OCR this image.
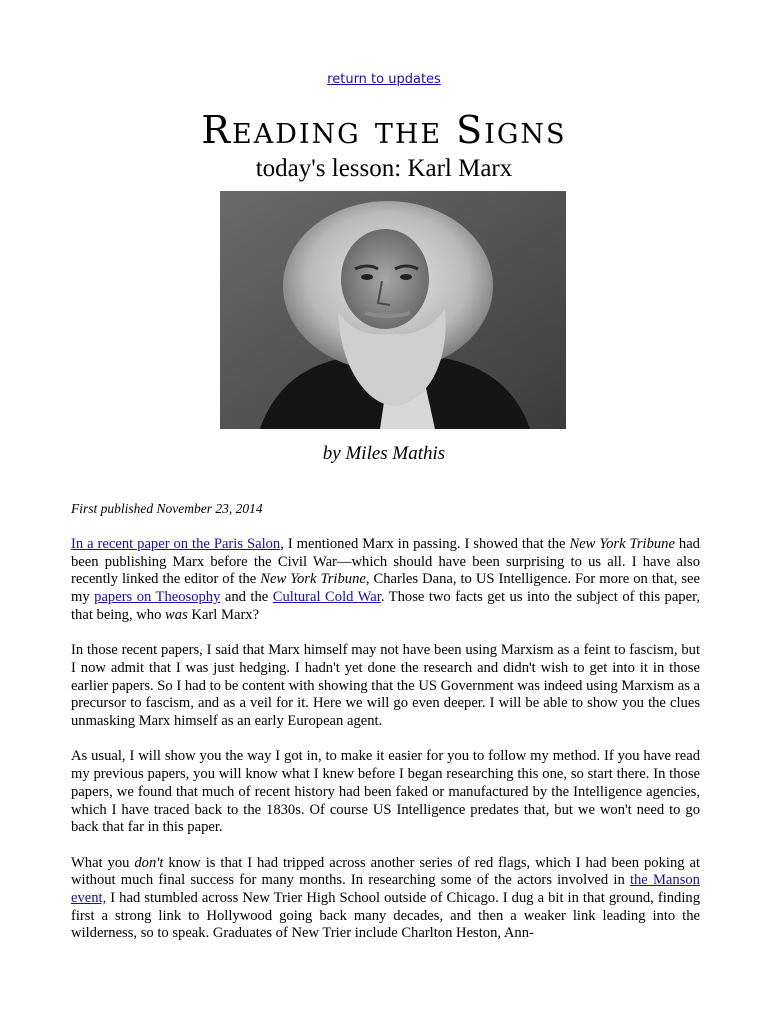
return to updates
Reading the Signs
today's lesson: Karl Marx
by Miles Mathis
First published November 23, 2014

In a recent paper on the Paris Salon, I mentioned Marx in passing. I showed that the New York Tribune had been publishing Marx before the Civil War—which should have been surprising to us all. I have also recently linked the editor of the New York Tribune, Charles Dana, to US Intelligence. For more on that, see my papers on Theosophy and the Cultural Cold War. Those two facts get us into the subject of this paper, that being, who was Karl Marx?

In those recent papers, I said that Marx himself may not have been using Marxism as a feint to fascism, but I now admit that I was just hedging. I hadn't yet done the research and didn't wish to get into it in those earlier papers. So I had to be content with showing that the US Government was indeed using Marxism as a precursor to fascism, and as a veil for it. Here we will go even deeper. I will be able to show you the clues unmasking Marx himself as an early European agent.

As usual, I will show you the way I got in, to make it easier for you to follow my method. If you have read my previous papers, you will know what I knew before I began researching this one, so start there. In those papers, we found that much of recent history had been faked or manufactured by the Intelligence agencies, which I have traced back to the 1830s. Of course US Intelligence predates that, but we won't need to go back that far in this paper.

What you don't know is that I had tripped across another series of red flags, which I had been poking at without much final success for many months. In researching some of the actors involved in the Manson event, I had stumbled across New Trier High School outside of Chicago. I dug a bit in that ground, finding first a strong link to Hollywood going back many decades, and then a weaker link leading into the wilderness, so to speak. Graduates of New Trier include Charlton Heston, Ann-
